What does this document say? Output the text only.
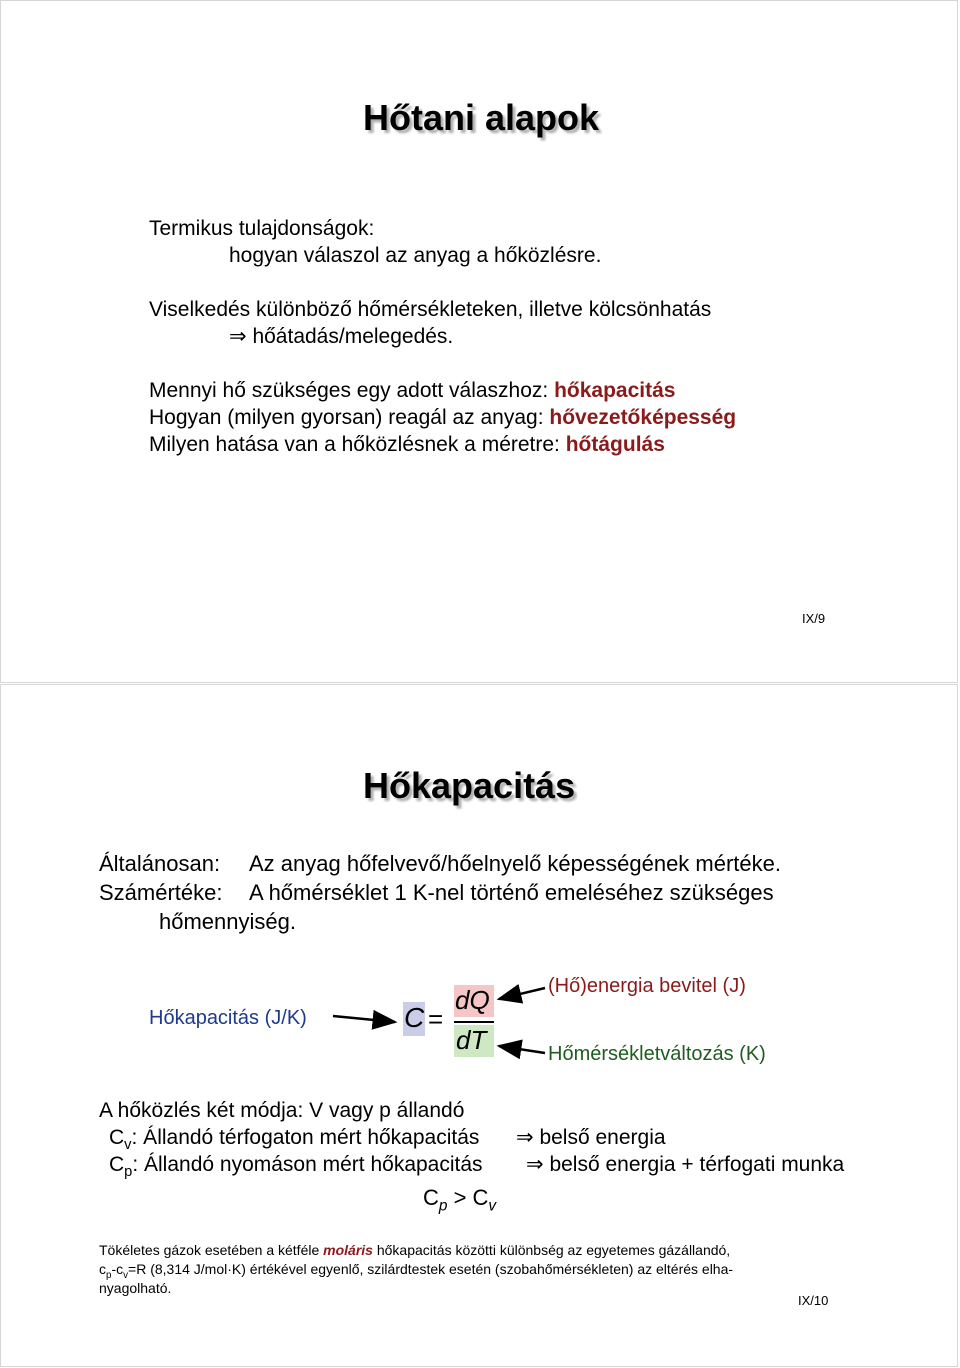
Hőtani alapok
Termikus tulajdonságok:
hogyan válaszol az anyag a hőközlésre.
Viselkedés különböző hőmérsékleteken, illetve kölcsönhatás
⇒ hőátadás/melegedés.
Mennyi hő szükséges egy adott válaszhoz: hőkapacitás
Hogyan (milyen gyorsan) reagál az anyag: hővezetőképesség
Milyen hatása van a hőközlésnek a méretre: hőtágulás
IX/9
Hőkapacitás
Általánosan: Az anyag hőfelvevő/hőelnyelő képességének mértéke.
Számértéke: A hőmérséklet 1 K-nel történő emeléséhez szükséges
hőmennyiség.
Hőkapacitás (J/K)	C =
dQ
dT
(Hő)energia bevitel (J)
Hőmérsékletváltozás (K)
A hőközlés két módja: V vagy p állandó
$C_v$: Állandó térfogaton mért hőkapacitás ⇒ belső energia
$C_p$: Állandó nyomáson mért hőkapacitás ⇒ belső energia + térfogati munka
$C_p > C_v$
Tökéletes gázok esetében a kétféle moláris hőkapacitás közötti különbség az egyetemes gázállandó,
$c_p-c_v=R$ (8,314 J/mol·K) értékével egyenlő, szilárdtestek esetén (szobahőmérsékleten) az eltérés elha-
nyagolható.
IX/10
